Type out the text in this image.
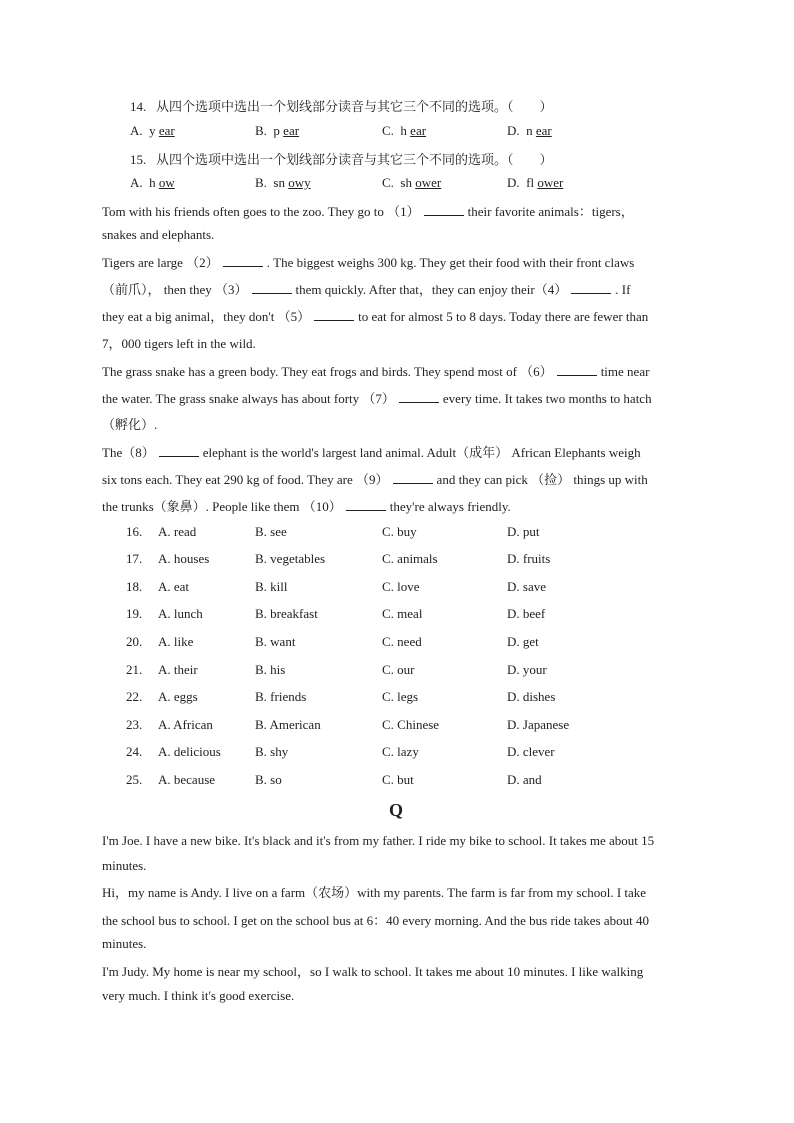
14. 从四个选项中选出一个划线部分读音与其它三个不同的选项。（　　）
A. y ear	B. p ear	C. h ear	D. n ear
15. 从四个选项中选出一个划线部分读音与其它三个不同的选项。（　　）
A. h ow	B. sn owy	C. sh ower	D. fl ower
Tom with his friends often goes to the zoo. They go to （1）	their favorite animals：tigers，
snakes and elephants.
Tigers are large （2）	. The biggest weighs 300 kg. They get their food with their front claws
（前爪）， then they （3）	them quickly. After that，they can enjoy their（4）	. If
they eat a big animal，they don't （5）	to eat for almost 5 to 8 days. Today there are fewer than
7，000 tigers left in the wild.
The grass snake has a green body. They eat frogs and birds. They spend most of （6）	time near
the water. The grass snake always has about forty （7）	every time. It takes two months to hatch
（孵化）.
The（8）	elephant is the world's largest land animal. Adult（成年） African Elephants weigh
six tons each. They eat 290 kg of food. They are （9）	and they can pick （捡） things up with
the trunks（象鼻）. People like them （10）	they're always friendly.
16. A. read	B. see	C. buy	D. put
17. A. houses	B. vegetables	C. animals	D. fruits
18. A. eat	B. kill	C. love	D. save
19. A. lunch	B. breakfast	C. meal	D. beef
20. A. like	B. want	C. need	D. get
21. A. their	B. his	C. our	D. your
22. A. eggs	B. friends	C. legs	D. dishes
23. A. African	B. American	C. Chinese	D. Japanese
24. A. delicious	B. shy	C. lazy	D. clever
25. A. because	B. so	C. but	D. and
Q
I'm Joe. I have a new bike. It's black and it's from my father. I ride my bike to school. It takes me about 15
minutes.
Hi，my name is Andy. I live on a farm（农场）with my parents. The farm is far from my school. I take
the school bus to school. I get on the school bus at 6：40 every morning. And the bus ride takes about 40
minutes.
I'm Judy. My home is near my school，so I walk to school. It takes me about 10 minutes. I like walking
very much. I think it's good exercise.
